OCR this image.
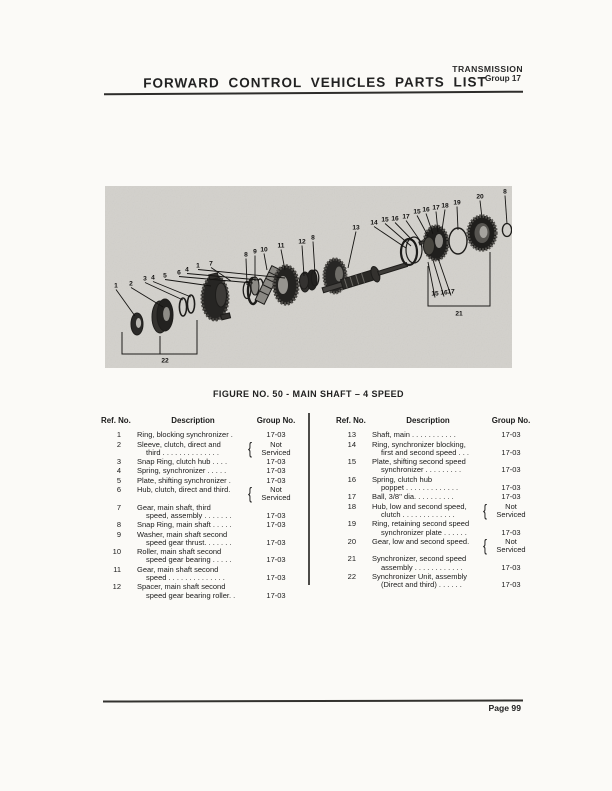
FORWARD CONTROL VEHICLES PARTS LIST
TRANSMISSION
Group 17
1 2
3 4 5 6 4
1 7
8 9 10
11
12
8
13
14 15 16 17
15 16 17 18 19
20
8
15 16 17
21
22
FIGURE NO. 50 - MAIN SHAFT – 4 SPEED
Ref. No.	Description	Group No.
1 Ring, blocking synchronizer .	17-03
2 Sleeve, clutch, direct and
third . . . . . . . . . . . . . .	{	Not
Serviced
3 Snap Ring, clutch hub . . . .	17-03
4 Spring, synchronizer . . . . .	17-03
5 Plate, shifting synchronizer .	17-03
6 Hub, clutch, direct and third.	{	Not
Serviced
7 Gear, main shaft, third
speed, assembly . . . . . . .	17-03
8 Snap Ring, main shaft . . . . .	17-03
9 Washer, main shaft second
speed gear thrust. . . . . . .	17-03
10 Roller, main shaft second
speed gear bearing . . . . .	17-03
11 Gear, main shaft second
speed . . . . . . . . . . . . . .	17-03
12 Spacer, main shaft second
speed gear bearing roller. .	17-03
Ref. No.	Description	Group No.
13 Shaft, main . . . . . . . . . . .	17-03
14 Ring, synchronizer blocking,
first and second speed . . .	17-03
15 Plate, shifting second speed
synchronizer . . . . . . . . .	17-03
16 Spring, clutch hub
poppet . . . . . . . . . . . . .	17-03
17 Ball, 3/8'' dia. . . . . . . . . .	17-03
18 Hub, low and second speed,
clutch . . . . . . . . . . . . .	{	Not
Serviced
19 Ring, retaining second speed
synchronizer plate . . . . . .	17-03
20 Gear, low and second speed.	{	Not
Serviced
21 Synchronizer, second speed
assembly . . . . . . . . . . . .	17-03
22 Synchronizer Unit, assembly
(Direct and third) . . . . . .	17-03
Page 99
